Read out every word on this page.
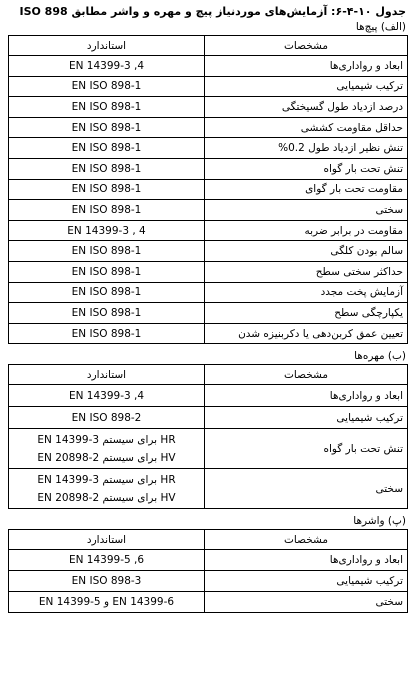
جدول ۱۰-۴-۶: آزمایش‌های موردنیاز پیچ و مهره و واشر مطابق ISO 898
(الف) پیچ‌ها
استاندارد	مشخصات
EN 14399-3 ,4	ابعاد و رواداری‌ها
EN ISO 898-1	ترکیب شیمیایی
EN ISO 898-1	درصد ازدیاد طول گسیختگی
EN ISO 898-1	حداقل مقاومت کششی
EN ISO 898-1	تنش نظیر ازدیاد طول 0.2%
EN ISO 898-1	تنش تحت بار گواه
EN ISO 898-1	مقاومت تحت بار گوای
EN ISO 898-1	سختی
EN 14399-3 , 4	مقاومت در برابر ضربه
EN ISO 898-1	سالم بودن کلگی
EN ISO 898-1	حداکثر سختی سطح
EN ISO 898-1	آزمایش پخت مجدد
EN ISO 898-1	یکپارچگی سطح
EN ISO 898-1	تعیین عمق کربن‌دهی یا دکربنیزه شدن
(ب) مهره‌ها
استاندارد	مشخصات

EN 14399-3 ,4	ابعاد و رواداری‌ها

EN ISO 898-2	ترکیب شیمیایی

EN 14399-3 برای سیستم HR
EN 20898-2 برای سیستم HV	تنش تحت بار گواه

EN 14399-3 برای سیستم HR
EN 20898-2 برای سیستم HV	سختی
(پ) واشرها
استاندارد	مشخصات
EN 14399-5 ,6	ابعاد و رواداری‌ها
EN ISO 898-3	ترکیب شیمیایی
EN 14399-5 و EN 14399-6	سختی
